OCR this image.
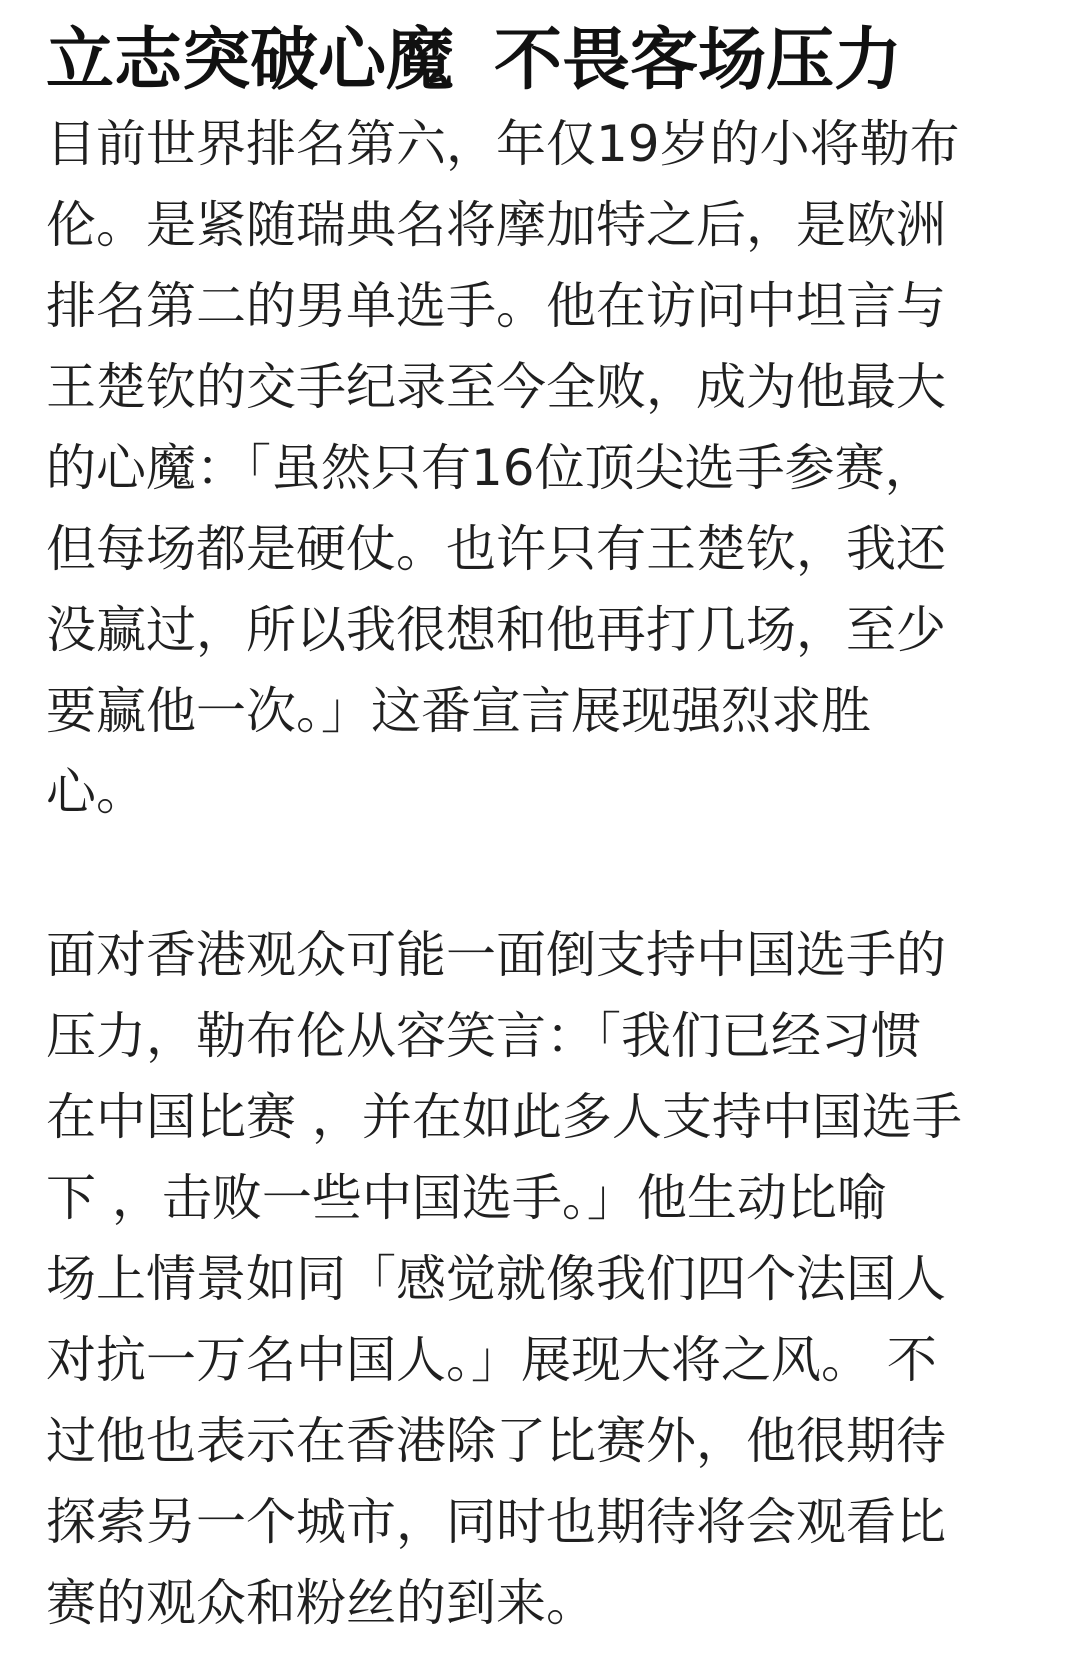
立志突破心魔 不畏客场压力

目前世界排名第六，年仅19岁的小将勒布
伦。是紧随瑞典名将摩加特之后，是欧洲
排名第二的男单选手。他在访问中坦言与
王楚钦的交手纪录至今全败，成为他最大
的心魔：「虽然只有16位顶尖选手参赛，
但每场都是硬仗。也许只有王楚钦，我还
没赢过，所以我很想和他再打几场，至少
要赢他一次。」这番宣言展现强烈求胜
心。

面对香港观众可能一面倒支持中国选手的
压力，勒布伦从容笑言：「我们已经习惯
在中国比赛 ，并在如此多人支持中国选手
下 ，击败一些中国选手。」他生动比喻
场上情景如同「感觉就像我们四个法国人
对抗一万名中国人。」展现大将之风。 不
过他也表示在香港除了比赛外，他很期待
探索另一个城市，同时也期待将会观看比
赛的观众和粉丝的到来。
